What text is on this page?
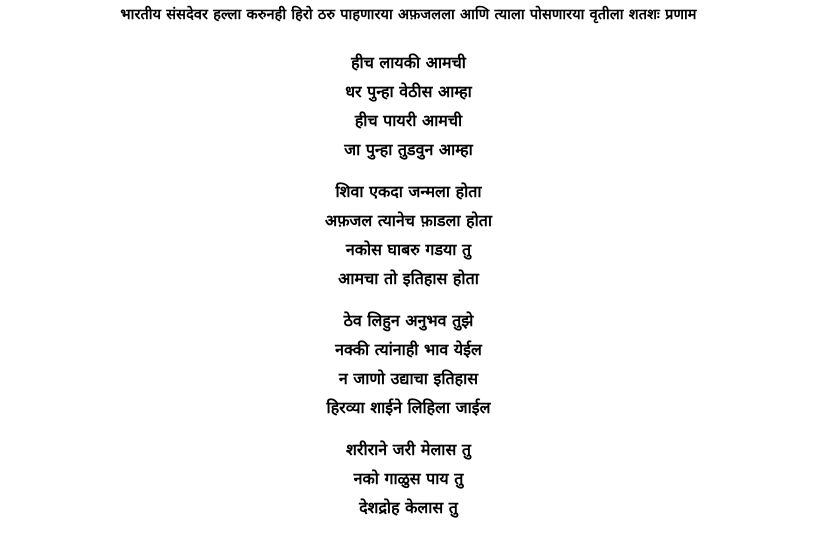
भारतीय संसदेवर हल्ला करुनही हिरो ठरु पाहणारया अफ़जलला आणि त्याला पोसणारया वृतीला शतशः प्रणाम
हीच लायकी आमची
धर पुन्हा वेठीस आम्हा
हीच पायरी आमची
जा पुन्हा तुडवुन आम्हा
शिवा एकदा जन्मला होता
अफ़जल त्यानेच फ़ाडला होता
नकोस घाबरु गडया तु
आमचा तो इतिहास होता
ठेव लिहुन अनुभव तुझे
नक्की त्यांनाही भाव येईल
न जाणो उद्याचा इतिहास
हिरव्या शाईने लिहिला जाईल
शरीराने जरी मेलास तु
नको गाळुस पाय तु
देशद्रोह केलास तु
